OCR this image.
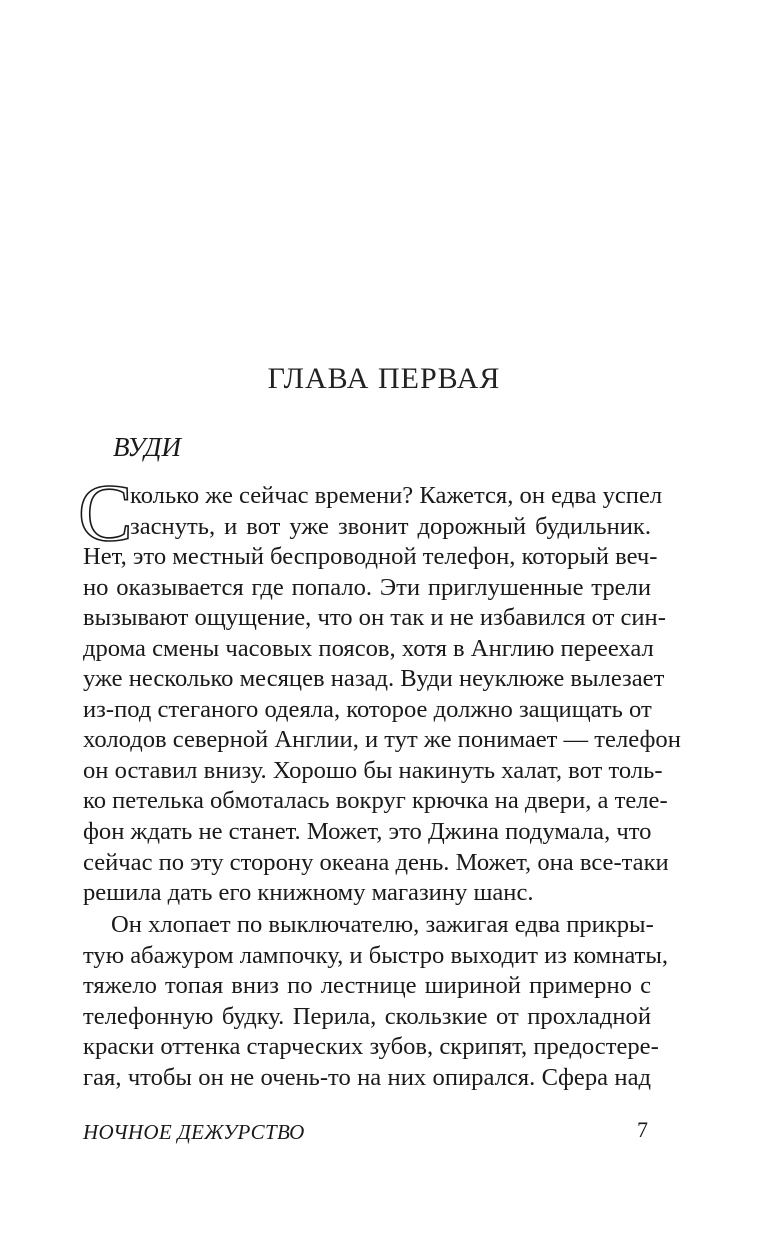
ГЛАВА ПЕРВАЯ
ВУДИ
С
колько же сейчас времени? Кажется, он едва успел
заснуть, и вот уже звонит дорожный будильник.
Нет, это местный беспроводной телефон, который веч-
но оказывается где попало. Эти приглушенные трели
вызывают ощущение, что он так и не избавился от син-
дрома смены часовых поясов, хотя в Англию переехал
уже несколько месяцев назад. Вуди неуклюже вылезает
из-под стеганого одеяла, которое должно защищать от
холодов северной Англии, и тут же понимает — телефон
он оставил внизу. Хорошо бы накинуть халат, вот толь-
ко петелька обмоталась вокруг крючка на двери, а теле-
фон ждать не станет. Может, это Джина подумала, что
сейчас по эту сторону океана день. Может, она все-таки
решила дать его книжному магазину шанс.
Он хлопает по выключателю, зажигая едва прикры-
тую абажуром лампочку, и быстро выходит из комнаты,
тяжело топая вниз по лестнице шириной примерно с
телефонную будку. Перила, скользкие от прохладной
краски оттенка старческих зубов, скрипят, предостере-
гая, чтобы он не очень-то на них опирался. Сфера над
НОЧНОЕ ДЕЖУРСТВО	7
